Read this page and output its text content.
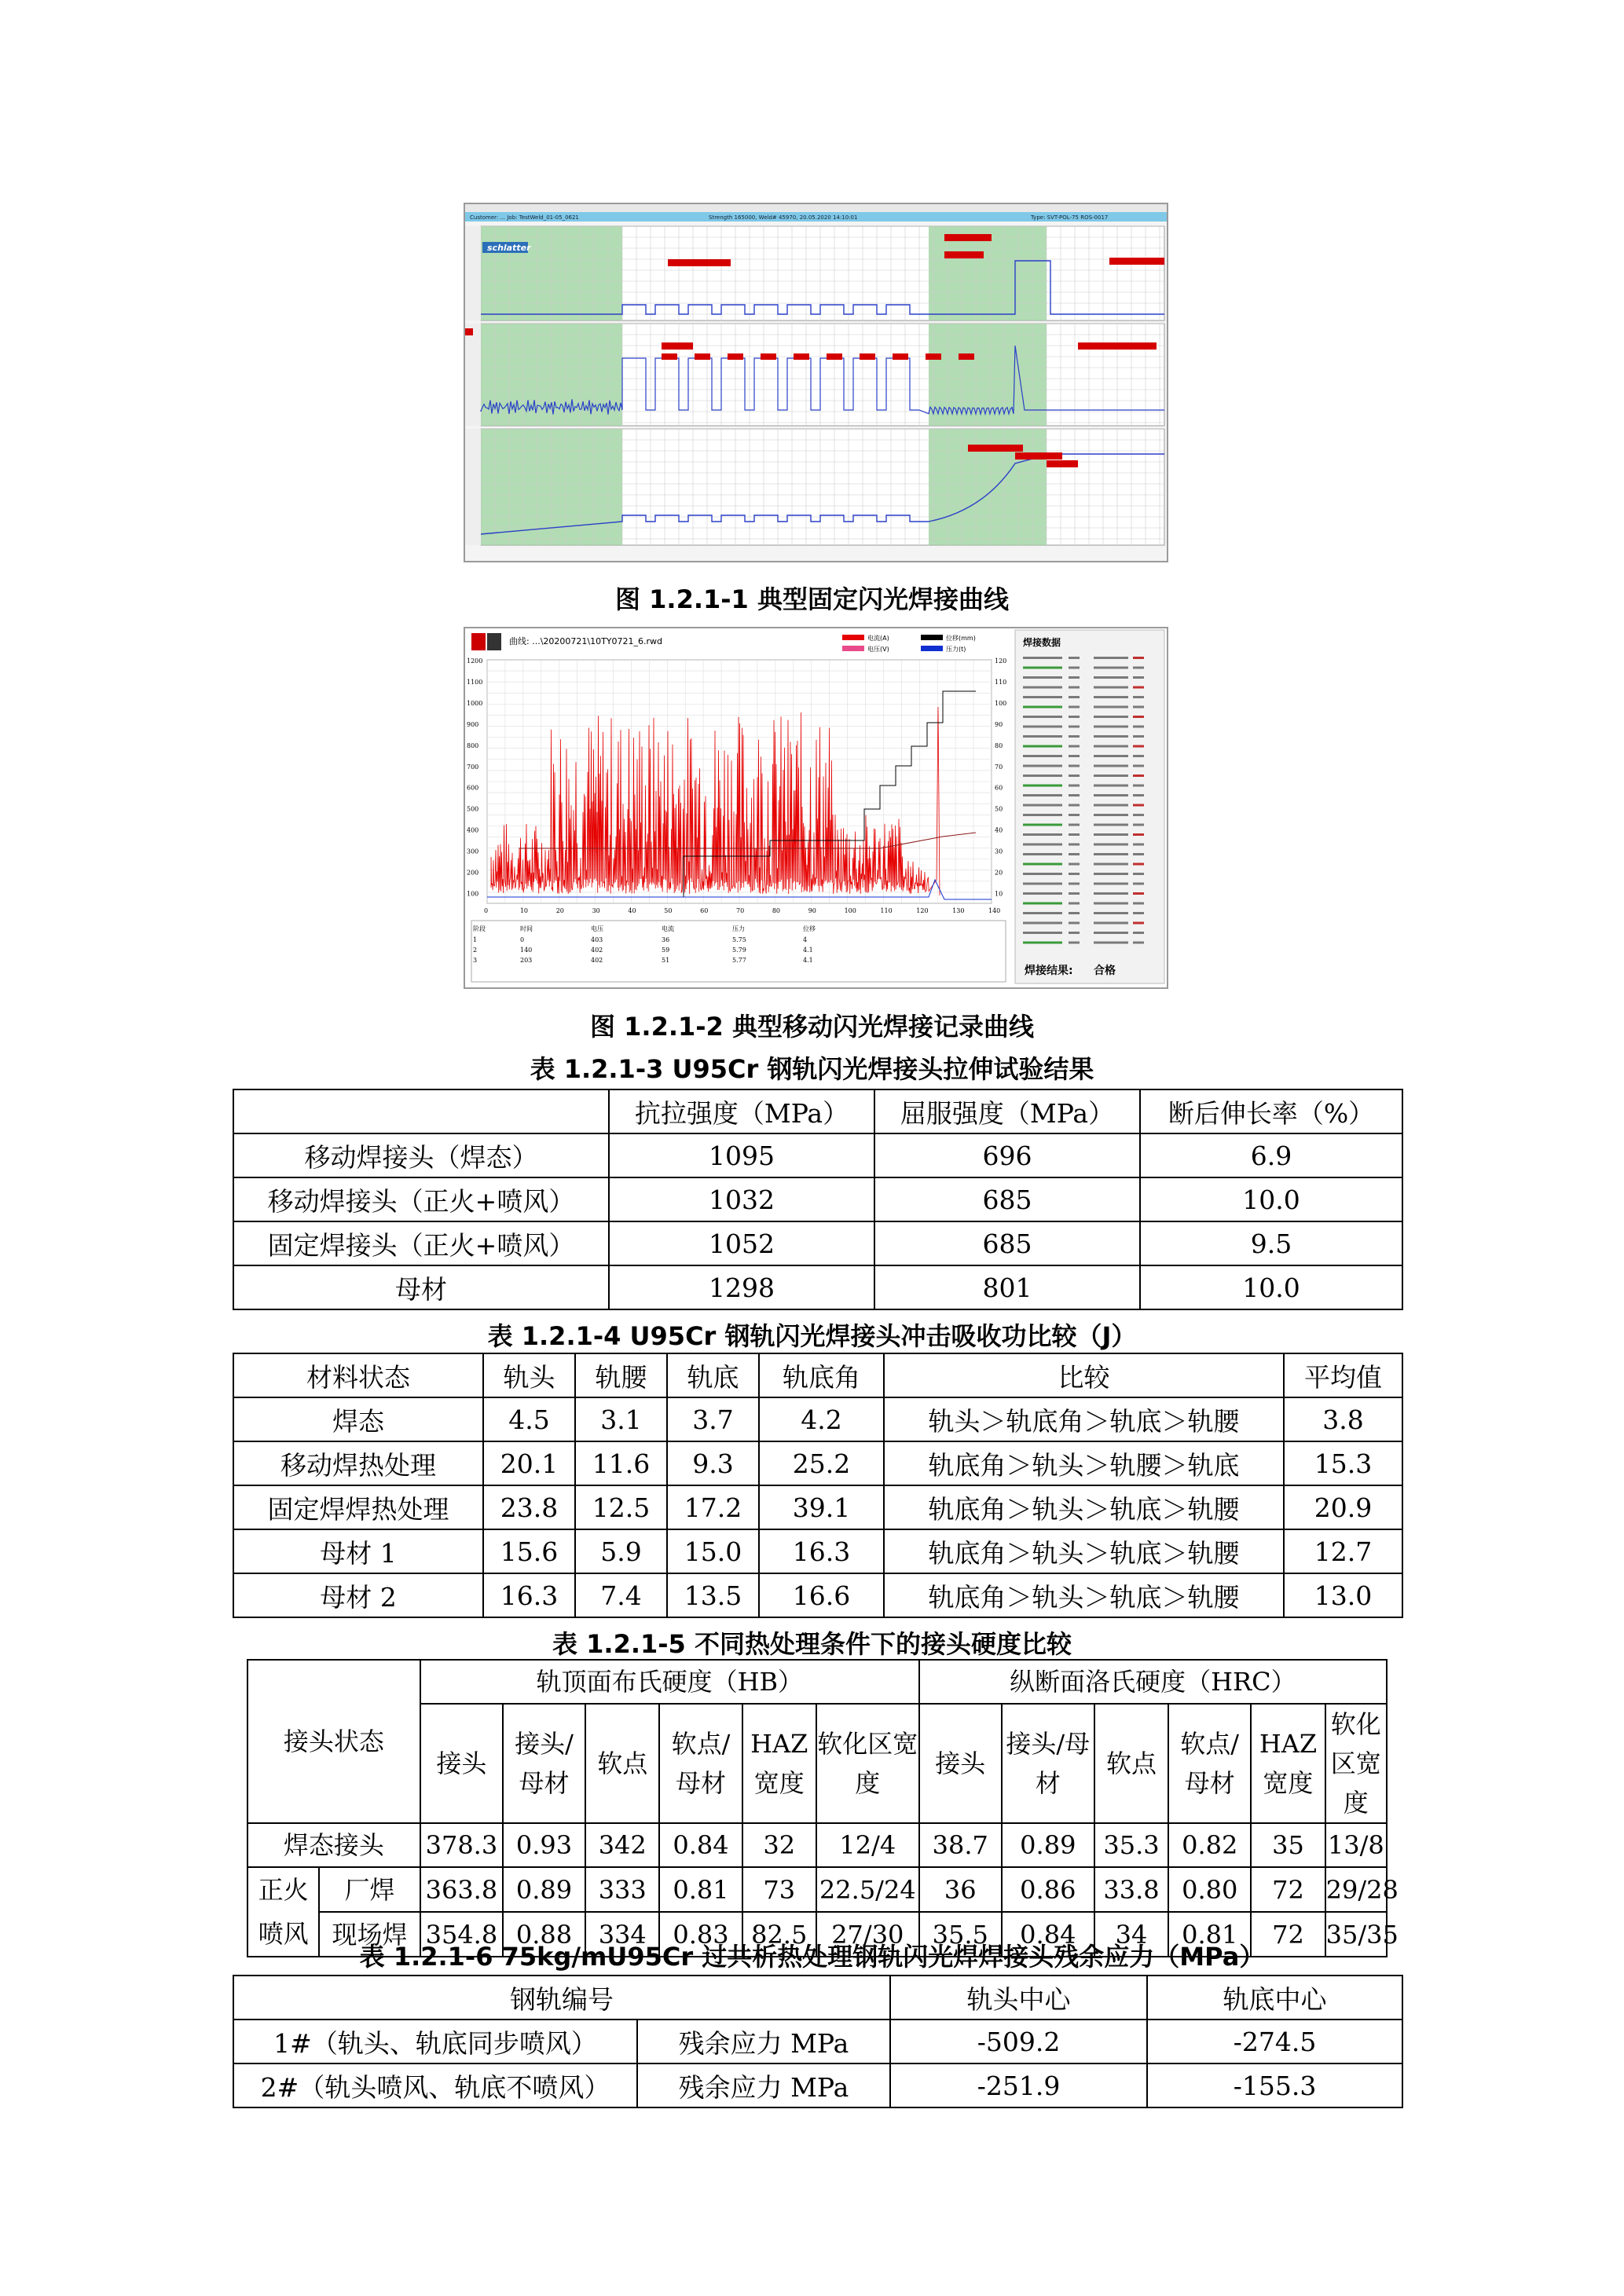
Customer: ... Job: TestWeld_01-05_0621	Strength 165000, Weld# 45970, 20.05.2020 14:10:01	Type: SVT-POL-75 ROS-0017
schlatter
图 1.2.1-1 典型固定闪光焊接曲线
曲线: ...\20200721\10TY0721_6.rwd	电流(A)
电压(V)
位移(mm)
压力(t)
1200
1100
1000
900
800
700
600
500
400
300
200
100
120
110
100
90
80
70
60
50
40
30
20
10
0	10	20	30	40	50	60	70	80	90	100	110	120	130	140
焊接数据
焊接结果: 合格
阶段	时间	电压	电流	压力	位移
1	0	403	36	5.75	4
2	140	402	59	5.79	4.1
3	203	402	51	5.77	4.1
图 1.2.1-2 典型移动闪光焊接记录曲线
表 1.2.1-3 U95Cr 钢轨闪光焊接头拉伸试验结果
	抗拉强度（MPa）	屈服强度（MPa）	断后伸长率（%）
移动焊接头（焊态）	1095	696	6.9
移动焊接头（正火+喷风）	1032	685	10.0
固定焊接头（正火+喷风）	1052	685	9.5
母材	1298	801	10.0
表 1.2.1-4 U95Cr 钢轨闪光焊接头冲击吸收功比较（J）
材料状态	轨头	轨腰	轨底	轨底角	比较	平均值
焊态	4.5	3.1	3.7	4.2	轨头＞轨底角＞轨底＞轨腰	3.8
移动焊热处理	20.1	11.6	9.3	25.2	轨底角＞轨头＞轨腰＞轨底	15.3
固定焊焊热处理	23.8	12.5	17.2	39.1	轨底角＞轨头＞轨底＞轨腰	20.9
母材 1	15.6	5.9	15.0	16.3	轨底角＞轨头＞轨底＞轨腰	12.7
母材 2	16.3	7.4	13.5	16.6	轨底角＞轨头＞轨底＞轨腰	13.0
表 1.2.1-5 不同热处理条件下的接头硬度比较
接头状态		轨顶面布氏硬度（HB）						纵断面洛氏硬度（HRC）					
		接头	接头/母材	软点	软点/母材	HAZ宽度	软化区宽度	接头	接头/母材	软点	软点/母材	HAZ宽度	软化区宽度

焊态接头		378.3	0.93	342	0.84	32	12/4	38.7	0.89	35.3	0.82	35	13/8
正火喷风	厂焊	363.8	0.89	333	0.81	73	22.5/24	36	0.86	33.8	0.80	72	29/28
	现场焊	354.8	0.88	334	0.83	82.5	27/30	35.5	0.84	34	0.81	72	35/35
表 1.2.1-6 75kg/mU95Cr 过共析热处理钢轨闪光焊焊接头残余应力（MPa）
钢轨编号		轨头中心	轨底中心
1#（轨头、轨底同步喷风）	残余应力 MPa	-509.2	-274.5
2#（轨头喷风、轨底不喷风）	残余应力 MPa	-251.9	-155.3
